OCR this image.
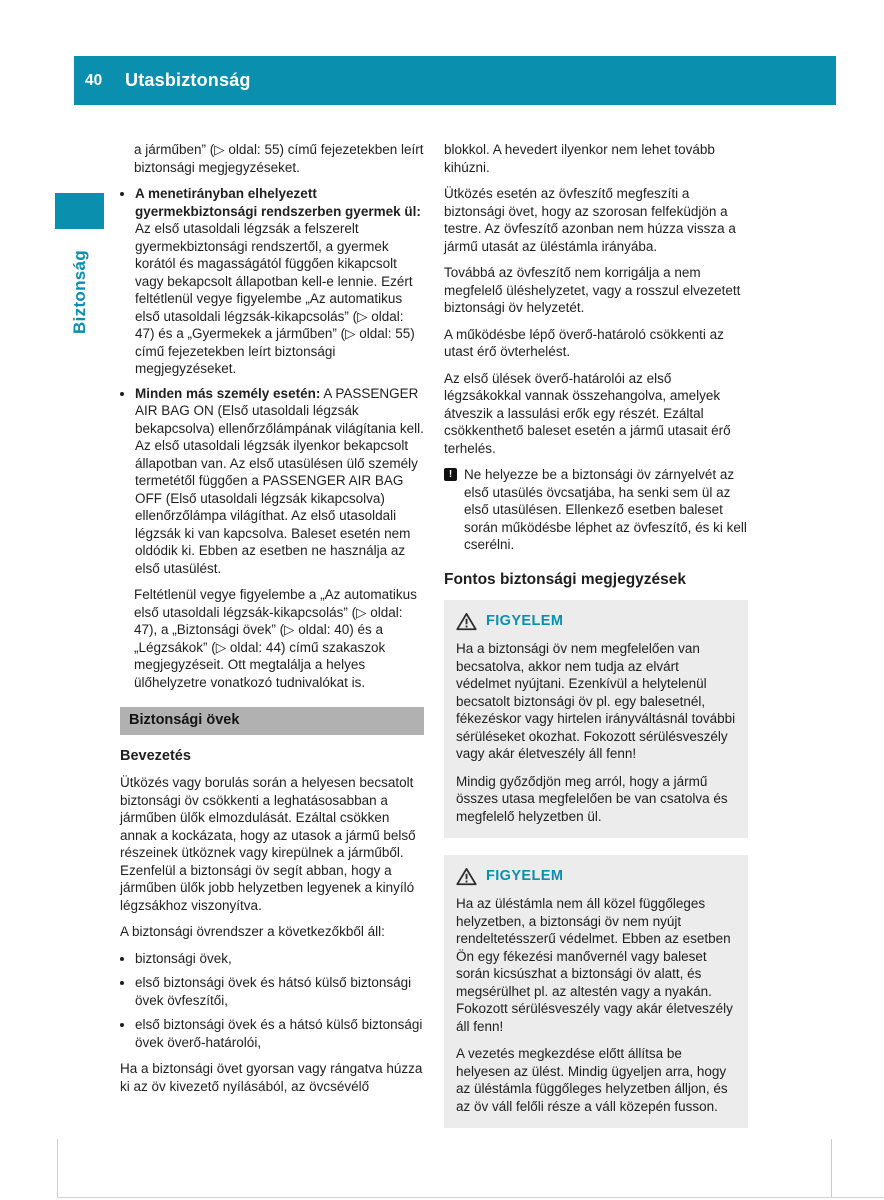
40	Utasbiztonság
Biztonság

a járműben” (▷ oldal: 55) című fejezetekben leírt biztonsági megjegyzéseket.

• A menetirányban elhelyezett gyermekbiztonsági rendszerben gyermek ül: Az első utasoldali légzsák a felszerelt gyermekbiztonsági rendszertől, a gyermek korától és magasságától függően kikapcsolt vagy bekapcsolt állapotban kell-e lennie. Ezért feltétlenül vegye figyelembe „Az automatikus első utasoldali légzsák-kikapcsolás” (▷ oldal: 47) és a „Gyermekek a járműben” (▷ oldal: 55) című fejezetekben leírt biztonsági megjegyzéseket.
• Minden más személy esetén: A PASSENGER AIR BAG ON (Első utasoldali légzsák bekapcsolva) ellenőrzőlámpának világítania kell. Az első utasoldali légzsák ilyenkor bekapcsolt állapotban van. Az első utasülésen ülő személy termetétől függően a PASSENGER AIR BAG OFF (Első utasoldali légzsák kikapcsolva) ellenőrzőlámpa világíthat. Az első utasoldali légzsák ki van kapcsolva. Baleset esetén nem oldódik ki. Ebben az esetben ne használja az első utasülést.

Feltétlenül vegye figyelembe a „Az automatikus első utasoldali légzsák-kikapcsolás” (▷ oldal: 47), a „Biztonsági övek” (▷ oldal: 40) és a „Légzsákok” (▷ oldal: 44) című szakaszok megjegyzéseit. Ott megtalálja a helyes ülőhelyzetre vonatkozó tudnivalókat is.

Biztonsági övek
Bevezetés

Ütközés vagy borulás során a helyesen becsatolt biztonsági öv csökkenti a leghatásosabban a járműben ülők elmozdulását. Ezáltal csökken annak a kockázata, hogy az utasok a jármű belső részeinek ütköznek vagy kirepülnek a járműből. Ezenfelül a biztonsági öv segít abban, hogy a járműben ülők jobb helyzetben legyenek a kinyíló légzsákhoz viszonyítva.

A biztonsági övrendszer a következőkből áll:

• biztonsági övek,
• első biztonsági övek és hátsó külső biztonsági övek övfeszítői,
• első biztonsági övek és a hátsó külső biztonsági övek överő-határolói,

Ha a biztonsági övet gyorsan vagy rángatva húzza ki az öv kivezető nyílásából, az övcsévélő

blokkol. A hevedert ilyenkor nem lehet tovább kihúzni.

Ütközés esetén az övfeszítő megfeszíti a biztonsági övet, hogy az szorosan felfeküdjön a testre. Az övfeszítő azonban nem húzza vissza a jármű utasát az üléstámla irányába.

Továbbá az övfeszítő nem korrigálja a nem megfelelő üléshelyzetet, vagy a rosszul elvezetett biztonsági öv helyzetét.

A működésbe lépő överő-határoló csökkenti az utast érő övterhelést.

Az első ülések överő-határolói az első légzsákokkal vannak összehangolva, amelyek átveszik a lassulási erők egy részét. Ezáltal csökkenthető baleset esetén a jármű utasait érő terhelés.

! Ne helyezze be a biztonsági öv zárnyelvét az első utasülés övcsatjába, ha senki sem ül az első utasülésen. Ellenkező esetben baleset során működésbe léphet az övfeszítő, és ki kell cserélni.

Fontos biztonsági megjegyzések
FIGYELEM

Ha a biztonsági öv nem megfelelően van becsatolva, akkor nem tudja az elvárt védelmet nyújtani. Ezenkívül a helytelenül becsatolt biztonsági öv pl. egy balesetnél, fékezéskor vagy hirtelen irányváltásnál további sérüléseket okozhat. Fokozott sérülésveszély vagy akár életveszély áll fenn!

Mindig győződjön meg arról, hogy a jármű összes utasa megfelelően be van csatolva és megfelelő helyzetben ül.

FIGYELEM

Ha az üléstámla nem áll közel függőleges helyzetben, a biztonsági öv nem nyújt rendeltetésszerű védelmet. Ebben az esetben Ön egy fékezési manővernél vagy baleset során kicsúszhat a biztonsági öv alatt, és megsérülhet pl. az altestén vagy a nyakán. Fokozott sérülésveszély vagy akár életveszély áll fenn!

A vezetés megkezdése előtt állítsa be helyesen az ülést. Mindig ügyeljen arra, hogy az üléstámla függőleges helyzetben álljon, és az öv váll felőli része a váll közepén fusson.
